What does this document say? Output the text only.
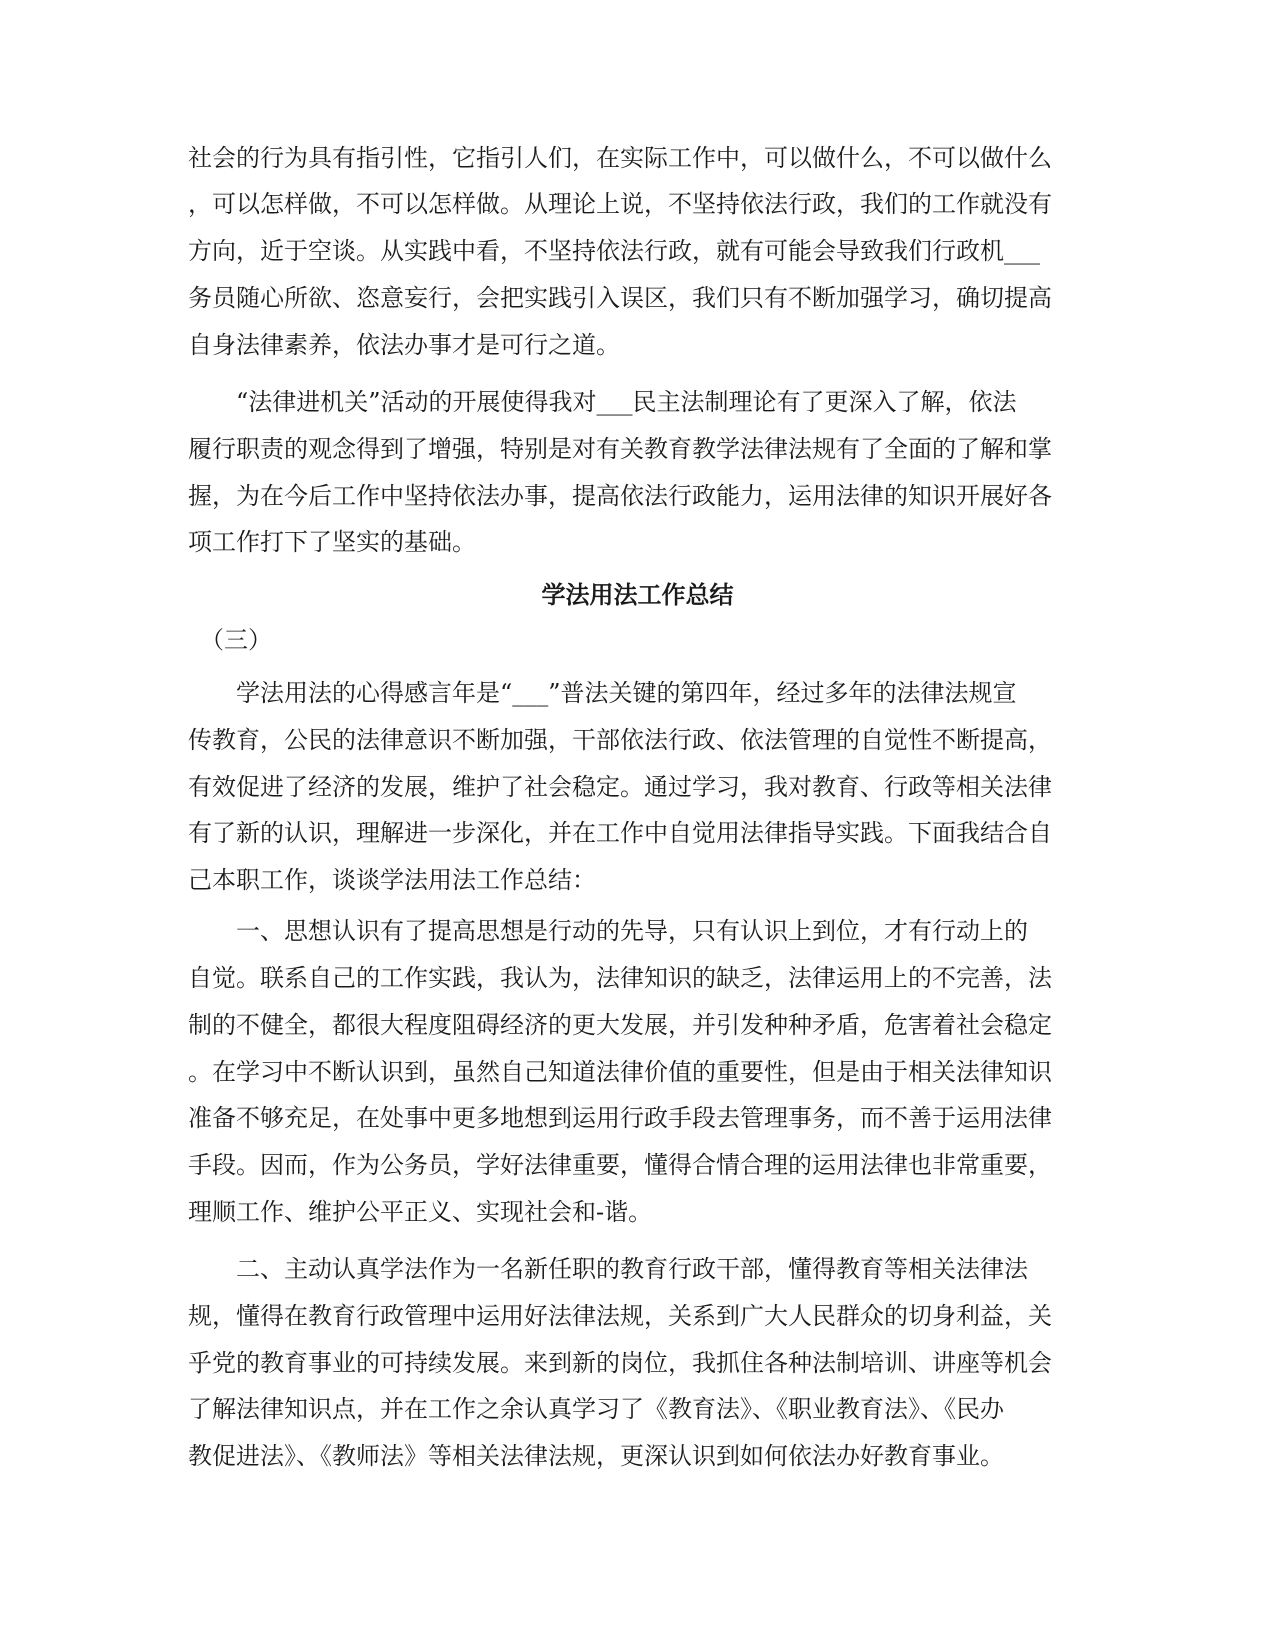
社会的行为具有指引性，它指引人们，在实际工作中，可以做什么，不可以做什么
，可以怎样做，不可以怎样做。从理论上说，不坚持依法行政，我们的工作就没有
方向，近于空谈。从实践中看，不坚持依法行政，就有可能会导致我们行政机___
务员随心所欲、恣意妄行，会把实践引入误区，我们只有不断加强学习，确切提高
自身法律素养，依法办事才是可行之道。
　　“法律进机关”活动的开展使得我对___民主法制理论有了更深入了解，依法
履行职责的观念得到了增强，特别是对有关教育教学法律法规有了全面的了解和掌
握，为在今后工作中坚持依法办事，提高依法行政能力，运用法律的知识开展好各
项工作打下了坚实的基础。
学法用法工作总结
　（三）
　　学法用法的心得感言年是“___”普法关键的第四年，经过多年的法律法规宣
传教育，公民的法律意识不断加强，干部依法行政、依法管理的自觉性不断提高，
有效促进了经济的发展，维护了社会稳定。通过学习，我对教育、行政等相关法律
有了新的认识，理解进一步深化，并在工作中自觉用法律指导实践。下面我结合自
己本职工作，谈谈学法用法工作总结：
　　一、思想认识有了提高思想是行动的先导，只有认识上到位，才有行动上的
自觉。联系自己的工作实践，我认为，法律知识的缺乏，法律运用上的不完善，法
制的不健全，都很大程度阻碍经济的更大发展，并引发种种矛盾，危害着社会稳定
。在学习中不断认识到，虽然自己知道法律价值的重要性，但是由于相关法律知识
准备不够充足，在处事中更多地想到运用行政手段去管理事务，而不善于运用法律
手段。因而，作为公务员，学好法律重要，懂得合情合理的运用法律也非常重要，
理顺工作、维护公平正义、实现社会和-谐。
　　二、主动认真学法作为一名新任职的教育行政干部，懂得教育等相关法律法
规，懂得在教育行政管理中运用好法律法规，关系到广大人民群众的切身利益，关
乎党的教育事业的可持续发展。来到新的岗位，我抓住各种法制培训、讲座等机会
了解法律知识点，并在工作之余认真学习了《教育法》、《职业教育法》、《民办
教促进法》、《教师法》等相关法律法规，更深认识到如何依法办好教育事业。
